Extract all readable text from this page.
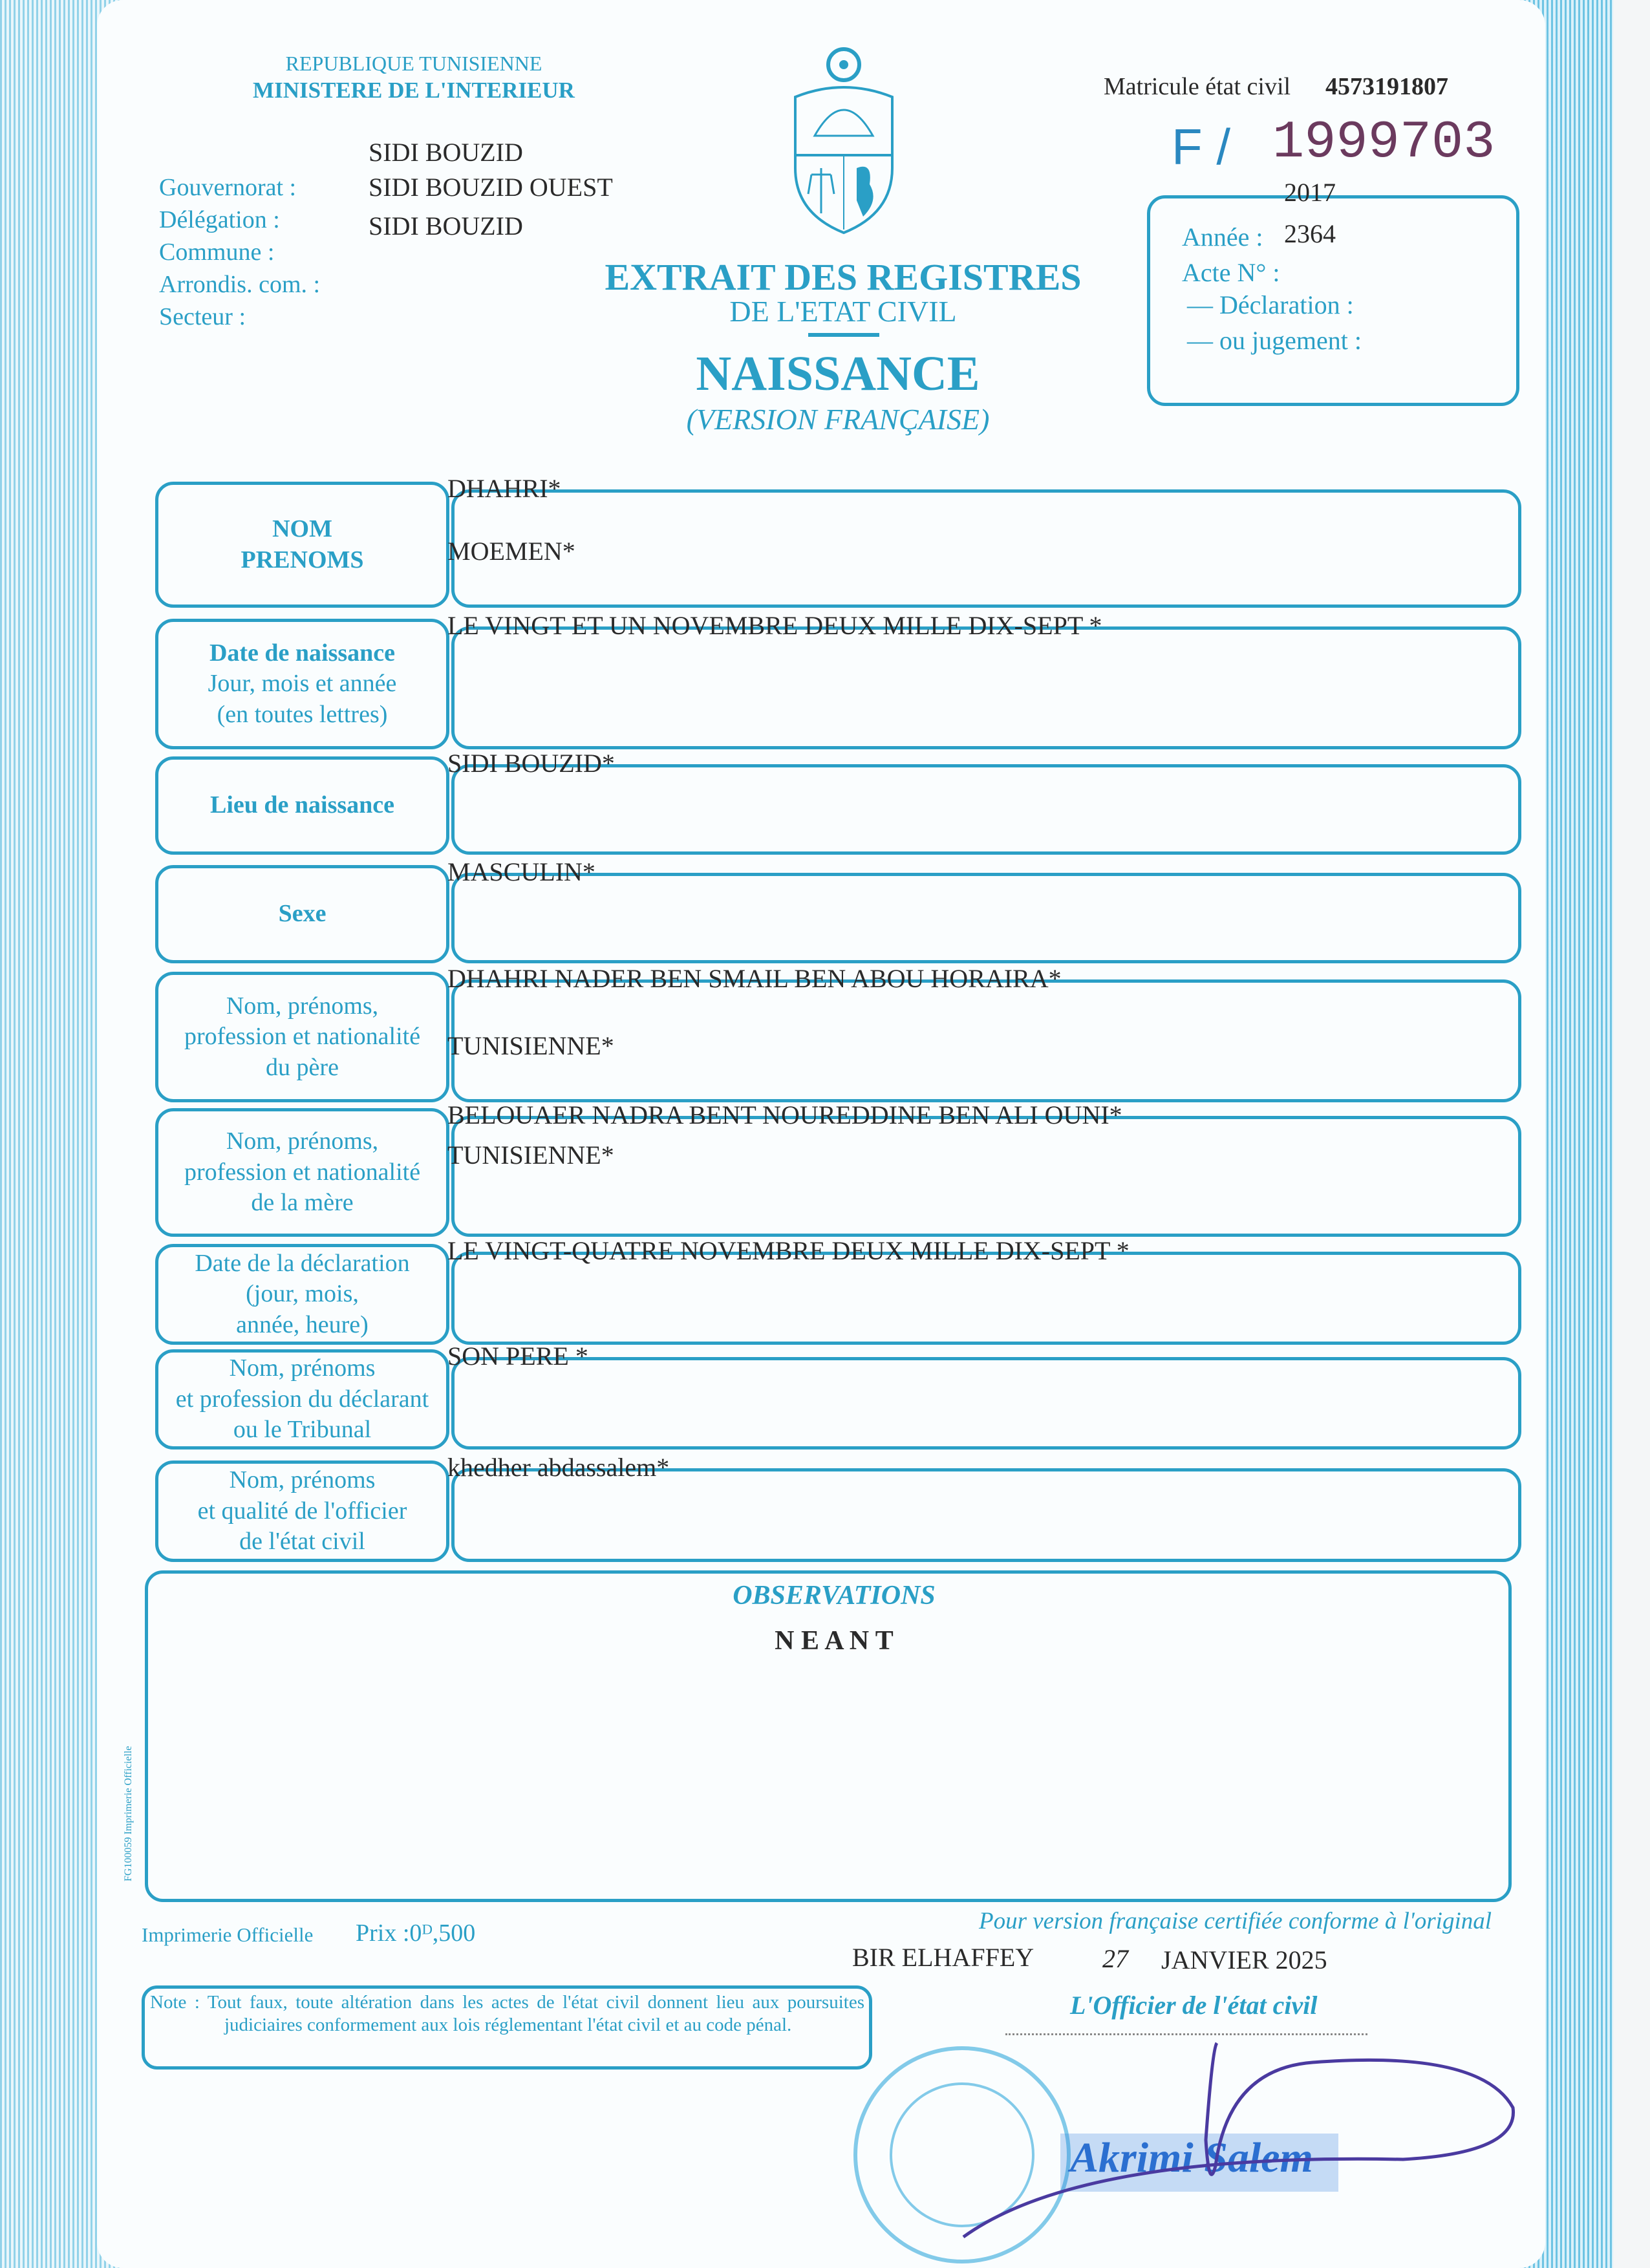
REPUBLIQUE TUNISIENNE
MINISTERE DE L'INTERIEUR
SIDI BOUZID
SIDI BOUZID OUEST
SIDI BOUZID
Gouvernorat :
Délégation :
Commune :
Arrondis. com. :
Secteur :
EXTRAIT DES REGISTRES
DE L'ETAT CIVIL
NAISSANCE
(VERSION FRANÇAISE)
Matricule état civil 4573191807
F / 1999703
2017
Année : 2364
Acte N° :
— Déclaration :
— ou jugement :
NOM
PRENOMS
DHAHRI*
MOEMEN*
Date de naissance
Jour, mois et année
(en toutes lettres)
LE VINGT ET UN NOVEMBRE DEUX MILLE DIX-SEPT *
Lieu de naissance
SIDI BOUZID*
Sexe
MASCULIN*
Nom, prénoms,
profession et nationalité
du père
DHAHRI NADER BEN SMAIL BEN ABOU HORAIRA*
TUNISIENNE*
Nom, prénoms,
profession et nationalité
de la mère
BELOUAER NADRA BENT NOUREDDINE BEN ALI OUNI*
TUNISIENNE*
Date de la déclaration
(jour, mois,
année, heure)
LE VINGT-QUATRE NOVEMBRE DEUX MILLE DIX-SEPT *
Nom, prénoms
et profession du déclarant
ou le Tribunal
SON PERE *
Nom, prénoms
et qualité de l'officier
de l'état civil
khedher abdassalem*
OBSERVATIONS
N E A N T
FG100059 Imprimerie Officielle
Imprimerie Officielle Prix :0ᴰ,500	Pour version française certifiée conforme à l'original
BIR ELHAFFEY	27 JANVIER 2025
Note : Tout faux, toute altération dans les actes de l'état civil donnent lieu aux poursuites judiciaires conformement aux lois réglementant l'état civil et au code pénal.
L'Officier de l'état civil
Akrimi Salem
